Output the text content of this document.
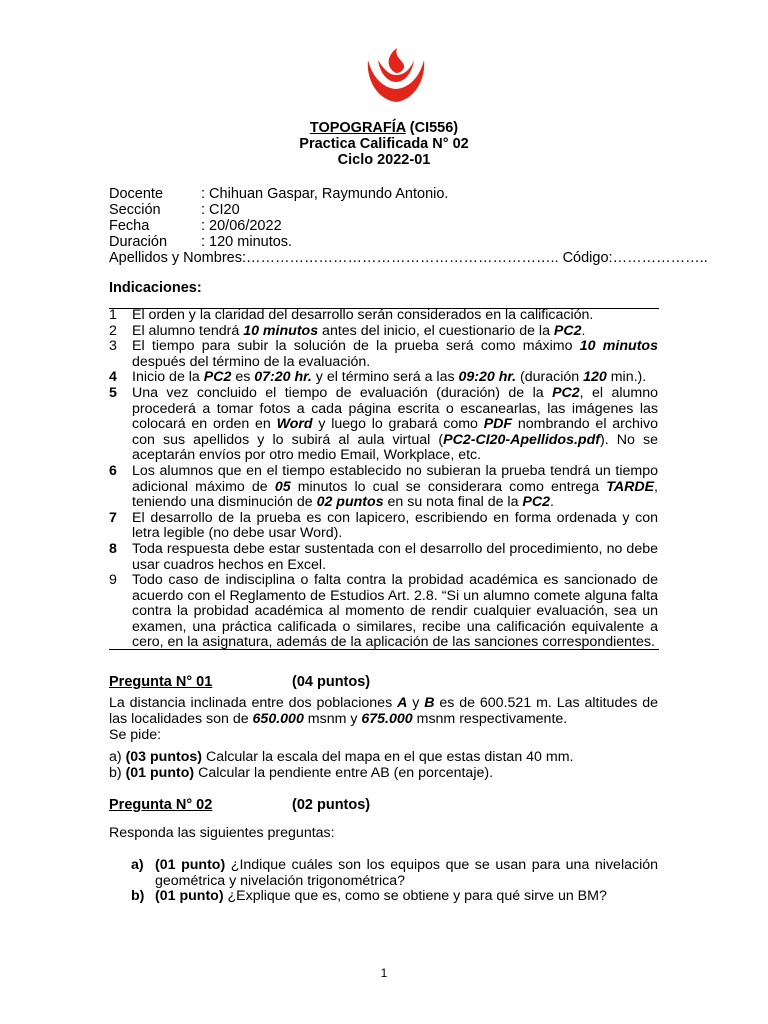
TOPOGRAFÍA (CI556)
Practica Calificada N° 02
Ciclo 2022-01
Docente	: Chihuan Gaspar, Raymundo Antonio.
Sección	: CI20
Fecha	: 20/06/2022
Duración	: 120 minutos.
Apellidos y Nombres:……………………………………………………….. Código:………………..
Indicaciones:
1	El orden y la claridad del desarrollo serán considerados en la calificación.
2	El alumno tendrá 10 minutos antes del inicio, el cuestionario de la PC2.
3	El tiempo para subir la solución de la prueba será como máximo 10 minutos después del término de la evaluación.
4	Inicio de la PC2 es 07:20 hr. y el término será a las 09:20 hr. (duración 120 min.).
5	Una vez concluido el tiempo de evaluación (duración) de la PC2, el alumno procederá a tomar fotos a cada página escrita o escanearlas, las imágenes las colocará en orden en Word y luego lo grabará como PDF nombrando el archivo con sus apellidos y lo subirá al aula virtual (PC2-CI20-Apellidos.pdf). No se aceptarán envíos por otro medio Email, Workplace, etc.
6	Los alumnos que en el tiempo establecido no subieran la prueba tendrá un tiempo adicional máximo de 05 minutos lo cual se considerara como entrega TARDE, teniendo una disminución de 02 puntos en su nota final de la PC2.
7	El desarrollo de la prueba es con lapicero, escribiendo en forma ordenada y con letra legible (no debe usar Word).
8	Toda respuesta debe estar sustentada con el desarrollo del procedimiento, no debe usar cuadros hechos en Excel.
9	Todo caso de indisciplina o falta contra la probidad académica es sancionado de acuerdo con el Reglamento de Estudios Art. 2.8. “Si un alumno comete alguna falta contra la probidad académica al momento de rendir cualquier evaluación, sea un examen, una práctica calificada o similares, recibe una calificación equivalente a cero, en la asignatura, además de la aplicación de las sanciones correspondientes.
Pregunta N° 01	(04 puntos)
La distancia inclinada entre dos poblaciones A y B es de 600.521 m. Las altitudes de las localidades son de 650.000 msnm y 675.000 msnm respectivamente.
Se pide:
a) (03 puntos) Calcular la escala del mapa en el que estas distan 40 mm.
b) (01 punto) Calcular la pendiente entre AB (en porcentaje).
Pregunta N° 02	(02 puntos)
Responda las siguientes preguntas:
a) (01 punto) ¿Indique cuáles son los equipos que se usan para una nivelación geométrica y nivelación trigonométrica?
b) (01 punto) ¿Explique que es, como se obtiene y para qué sirve un BM?
1
